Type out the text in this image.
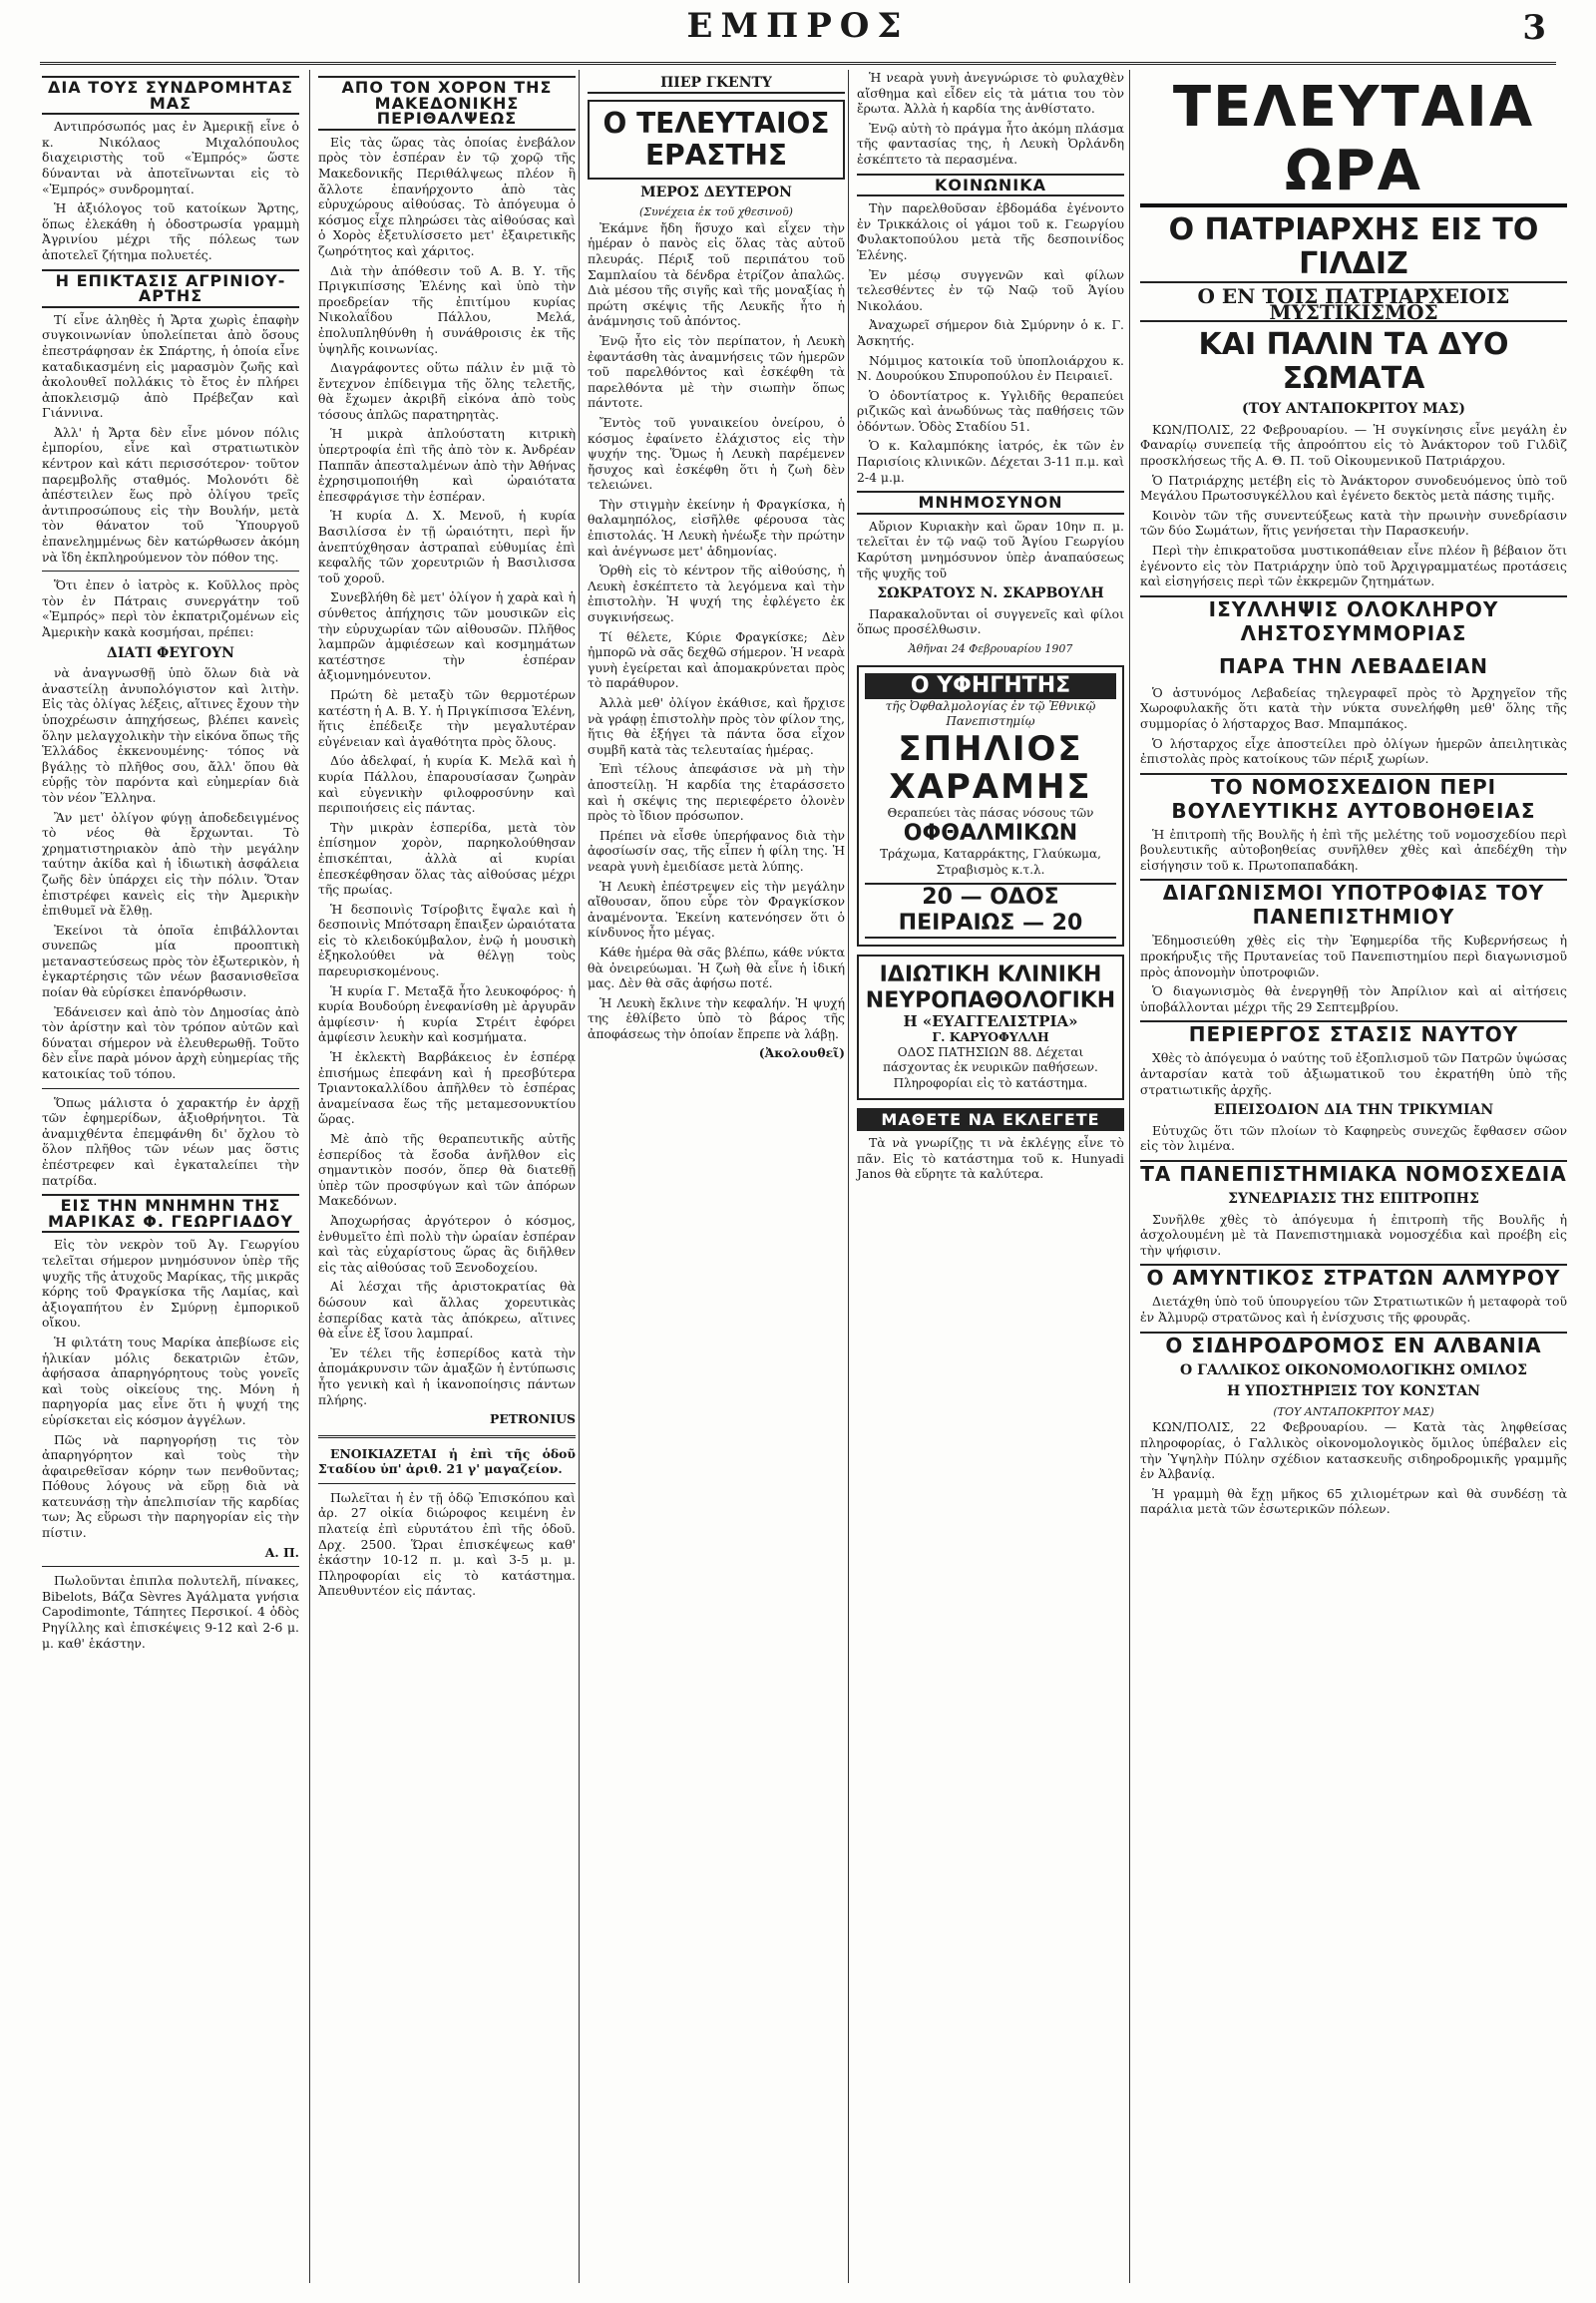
ΕΜΠΡΟΣ	3
ΔΙΑ ΤΟΥΣ ΣΥΝΔΡΟΜΗΤΑΣ ΜΑΣ

Αντιπρόσωπός μας ἐν Ἀμερικῇ εἶνε ὁ κ. Νικόλαος Μιχαλόπουλος διαχειριστὴς τοῦ «Ἐμπρός» ὥστε δύνανται νὰ ἀποτεῖνωνται εἰς τὸ «Ἐμπρός» συνδρομηταί.

Ἡ ἀξιόλογος τοῦ κατοίκων Ἄρτης, ὅπως ἐλεκάθη ἡ ὁδοστρωσία γραμμὴ Ἀγρινίου μέχρι τῆς πόλεως των ἀποτελεῖ ζήτημα πολυετές.

Η ΕΠΙΚΤΑΣΙΣ ΑΓΡΙΝΙΟΥ-ΑΡΤΗΣ

Τί εἶνε ἀληθὲς ἡ Ἄρτα χωρὶς ἐπαφὴν συγκοινωνίαν ὑπολείπεται ἀπὸ ὅσους ἐπεστράφησαν ἐκ Σπάρτης, ἡ ὁποία εἶνε καταδικασμένη εἰς μαρασμὸν ζωῆς καὶ ἀκολουθεῖ πολλάκις τὸ ἔτος ἐν πλήρει ἀποκλεισμῷ ἀπὸ Πρέβεζαν καὶ Γιάννινα.

Ἀλλ' ἡ Ἄρτα δὲν εἶνε μόνον πόλις ἐμπορίου, εἶνε καὶ στρατιωτικὸν κέντρον καὶ κάτι περισσότερον· τοῦτον παρεμβολῆς σταθμός. Μολονότι δὲ ἀπέστειλεν ἕως πρὸ ὀλίγου τρεῖς ἀντιπροσώπους εἰς τὴν Βουλήν, μετὰ τὸν θάνατον τοῦ Ὑπουργοῦ ἐπανελημμένως δὲν κατώρθωσεν ἀκόμη νὰ ἴδη ἐκπληρούμενον τὸν πόθον της.

Ὅτι ἐπεν ὁ ἰατρὸς κ. Κοῦλλος πρὸς τὸν ἐν Πάτραις συνεργάτην τοῦ «Ἐμπρός» περὶ τὸν ἐκπατριζομένων εἰς Ἀμερικὴν κακὰ κοσμήσαι, πρέπει:

ΔΙΑΤΙ ΦΕΥΓΟΥΝ

νὰ ἀναγνωσθῇ ὑπὸ ὅλων διὰ νὰ ἀναστείλῃ ἀνυπολόγιστον καὶ λιτὴν. Εἰς τὰς ὀλίγας λέξεις, αἵτινες ἔχουν τὴν ὑποχρέωσιν ἀπηχήσεως, βλέπει κανεὶς ὅλην μελαγχολικὴν τὴν εἰκόνα ὅπως τῆς Ἑλλάδος ἐκκενουμένης· τόπος νὰ βγάλῃς τὸ πλῆθος σου, ἄλλ' ὅπου θὰ εὑρῇς τὸν παρόντα καὶ εὐημερίαν διὰ τὸν νέον Ἕλληνα.

Ἂν μετ' ὀλίγον φύγῃ ἀποδεδειγμένος τὸ νέος θὰ ἔρχωνται. Τὸ χρηματιστηριακὸν ἀπὸ τὴν μεγάλην ταύτην ἀκίδα καὶ ἡ ἰδιωτικὴ ἀσφάλεια ζωῆς δὲν ὑπάρχει εἰς τὴν πόλιν. Ὅταν ἐπιστρέφει κανεὶς εἰς τὴν Ἀμερικὴν ἐπιθυμεῖ νὰ ἔλθῃ.

Ἐκείνοι τὰ ὁποῖα ἐπιβάλλονται συνεπῶς μία προοπτικὴ μεταναστεύσεως πρὸς τὸν ἐξωτερικὸν, ἡ ἐγκαρτέρησις τῶν νέων βασανισθεῖσα ποίαν θὰ εὑρίσκει ἐπανόρθωσιν.

Ἐδάνεισεν καὶ ἀπὸ τὸν Δημοσίας ἀπὸ τὸν ἀρίστην καὶ τὸν τρόπον αὐτῶν καὶ δύναται σήμερον νὰ ἐλευθερωθῇ. Τοῦτο δὲν εἶνε παρὰ μόνον ἀρχὴ εὐημερίας τῆς κατοικίας τοῦ τόπου.

Ὅπως μάλιστα ὁ χαρακτήρ ἐν ἀρχῇ τῶν ἐφημερίδων, ἀξιοθρήνητοι. Τὰ ἀναμιχθέντα ἐπεμφάνθη δι' ὄχλου τὸ ὅλον πλῆθος τῶν νέων μας ὅστις ἐπέστρεφεν καὶ ἐγκαταλείπει τὴν πατρίδα.

ΕΙΣ ΤΗΝ ΜΝΗΜΗΝ ΤΗΣ ΜΑΡΙΚΑΣ Φ. ΓΕΩΡΓΙΑΔΟΥ

Εἰς τὸν νεκρὸν τοῦ Ἀγ. Γεωργίου τελεῖται σήμερον μνημόσυνον ὑπὲρ τῆς ψυχῆς τῆς ἀτυχοῦς Μαρίκας, τῆς μικρᾶς κόρης τοῦ Φραγκίσκα τῆς Λαμίας, καὶ ἀξιογαπήτου ἐν Σμύρνῃ ἐμπορικοῦ οἴκου.

Ἡ φιλτάτη τους Μαρίκα ἀπεβίωσε εἰς ἡλικίαν μόλις δεκατριῶν ἐτῶν, ἀφήσασα ἀπαρηγόρητους τοὺς γονεῖς καὶ τοὺς οἰκείους της. Μόνη ἡ παρηγορία μας εἶνε ὅτι ἡ ψυχή της εὑρίσκεται εἰς κόσμον ἀγγέλων.

Πῶς νὰ παρηγορήσῃ τις τὸν ἀπαρηγόρητον καὶ τοὺς τὴν ἀφαιρεθεῖσαν κόρην των πενθοῦντας; Πόθους λόγους νὰ εὕρῃ διὰ νὰ κατευνάσῃ τὴν ἀπελπισίαν τῆς καρδίας των; Ἀς εὕρωσι τὴν παρηγορίαν εἰς τὴν πίστιν.

Α. Π.

Πωλοῦνται ἐπιπλα πολυτελῆ, πίνακες, Bibelots, Βάζα Sèvres Ἀγάλματα γνήσια Capodimonte, Τάπητες Περσικοί. 4 ὁδὸς Ρηγίλλης καὶ ἐπισκέψεις 9-12 καὶ 2-6 μ. μ. καθ' ἑκάστην.

ΑΠΟ ΤΟΝ ΧΟΡΟΝ ΤΗΣ ΜΑΚΕΔΟΝΙΚΗΣ ΠΕΡΙΘΑΛΨΕΩΣ

Εἰς τὰς ὥρας τὰς ὁποίας ἐνεβάλον πρὸς τὸν ἑσπέραν ἐν τῷ χορῷ τῆς Μακεδονικῆς Περιθάλψεως πλέον ἢ ἄλλοτε ἐπανήρχοντο ἀπὸ τὰς εὐρυχώρους αἰθούσας. Τὸ ἀπόγευμα ὁ κόσμος εἶχε πληρώσει τὰς αἰθούσας καὶ ὁ Χορὸς ἐξετυλίσσετο μετ' ἐξαιρετικῆς ζωηρότητος καὶ χάριτος.

Διὰ τὴν ἀπόθεσιν τοῦ Α. Β. Υ. τῆς Πριγκιπίσσης Ἑλένης καὶ ὑπὸ τὴν προεδρείαν τῆς ἐπιτίμου κυρίας Νικολαΐδου Πάλλου, Μελά, ἐπολυπληθύνθη ἡ συνάθροισις ἐκ τῆς ὑψηλῆς κοινωνίας.

Διαγράφοντες οὕτω πάλιν ἐν μιᾷ τὸ ἔντεχνον ἐπίδειγμα τῆς ὅλης τελετῆς, θὰ ἔχωμεν ἀκριβῆ εἰκόνα ἀπὸ τοὺς τόσους ἁπλῶς παρατηρητὰς.

Ἡ μικρὰ ἀπλούστατη κιτρικὴ ὑπερτροφία ἐπὶ τῆς ἀπὸ τὸν κ. Ἀνδρέαν Παππᾶν ἀπεσταλμένων ἀπὸ τὴν Ἀθήνας ἐχρησιμοποιήθη καὶ ὡραιότατα ἐπεσφράγισε τὴν ἑσπέραν.

Ἡ κυρία Δ. Χ. Μενοῦ, ἡ κυρία Βασιλίσσα ἐν τῇ ὡραιότητι, περὶ ἥν ἀνεπτύχθησαν ἀστραπαὶ εὐθυμίας ἐπὶ κεφαλῆς τῶν χορευτριῶν ἡ Βασιλισσα τοῦ χοροῦ.

Συνεβλήθη δὲ μετ' ὀλίγον ἡ χαρὰ καὶ ἡ σύνθετος ἀπήχησις τῶν μουσικῶν εἰς τὴν εὐρυχωρίαν τῶν αἰθουσῶν. Πλῆθος λαμπρῶν ἀμφιέσεων καὶ κοσμημάτων κατέστησε τὴν ἑσπέραν ἀξιομνημόνευτον.

Πρώτη δὲ μεταξὺ τῶν θερμοτέρων κατέστη ἡ Α. Β. Υ. ἡ Πριγκίπισσα Ἑλένη, ἥτις ἐπέδειξε τὴν μεγαλυτέραν εὐγένειαν καὶ ἀγαθότητα πρὸς ὅλους.

Δύο ἀδελφαί, ἡ κυρία Κ. Μελᾶ καὶ ἡ κυρία Πάλλου, ἐπαρουσίασαν ζωηρὰν καὶ εὐγενικὴν φιλοφροσύνην καὶ περιποιήσεις εἰς πάντας.

Τὴν μικρὰν ἑσπερίδα, μετὰ τὸν ἐπίσημον χορὸν, παρηκολούθησαν ἐπισκέπται, ἀλλὰ αἱ κυρίαι ἐπεσκέφθησαν ὅλας τὰς αἰθούσας μέχρι τῆς πρωίας.

Ἡ δεσποινὶς Τσίροβιτς ἔψαλε καὶ ἡ δεσποινὶς Μπότσαρη ἔπαιξεν ὡραιότατα εἰς τὸ κλειδοκύμβαλον, ἐνῷ ἡ μουσικὴ ἐξηκολούθει νὰ θέλγῃ τοὺς παρευρισκομένους.

Ἡ κυρία Γ. Μεταξᾶ ἦτο λευκοφόρος· ἡ κυρία Βουδούρη ἐνεφανίσθη μὲ ἀργυρᾶν ἀμφίεσιν· ἡ κυρία Στρέιτ ἐφόρει ἀμφίεσιν λευκὴν καὶ κοσμήματα.

Ἡ ἐκλεκτὴ Βαρβάκειος ἐν ἑσπέρᾳ ἐπισήμως ἐπεφάνη καὶ ἡ πρεσβύτερα Τριαντοκαλλίδου ἀπῆλθεν τὸ ἑσπέρας ἀναμείνασα ἕως τῆς μεταμεσονυκτίου ὥρας.

Μὲ ἀπὸ τῆς θεραπευτικῆς αὐτῆς ἑσπερίδος τὰ ἔσοδα ἀνῆλθον εἰς σημαντικὸν ποσόν, ὅπερ θὰ διατεθῇ ὑπὲρ τῶν προσφύγων καὶ τῶν ἀπόρων Μακεδόνων.

Ἀποχωρήσας ἀργότερον ὁ κόσμος, ἐνθυμεῖτο ἐπὶ πολὺ τὴν ὡραίαν ἑσπέραν καὶ τὰς εὐχαρίστους ὥρας ἃς διῆλθεν εἰς τὰς αἰθούσας τοῦ Ξενοδοχείου.

Αἱ λέσχαι τῆς ἀριστοκρατίας θὰ δώσουν καὶ ἄλλας χορευτικὰς ἑσπερίδας κατὰ τὰς ἀπόκρεω, αἵτινες θὰ εἶνε ἐξ ἴσου λαμπραί.

Ἐν τέλει τῆς ἑσπερίδος κατὰ τὴν ἀπομάκρυνσιν τῶν ἀμαξῶν ἡ ἐντύπωσις ἦτο γενικὴ καὶ ἡ ἱκανοποίησις πάντων πλήρης.

PETRONIUS

ΕΝΟΙΚΙΑΖΕΤΑΙ ἡ ἐπὶ τῆς ὁδοῦ Σταδίου ὑπ' ἀριθ. 21 γ' μαγαζείον.

Πωλεῖται ἡ ἐν τῇ ὁδῷ Ἐπισκόπου καὶ ἀρ. 27 οἰκία διώροφος κειμένη ἐν πλατείᾳ ἐπὶ εὐρυτάτου ἐπὶ τῆς ὁδοῦ. Δρχ. 2500. Ὥραι ἐπισκέψεως καθ' ἑκάστην 10-12 π. μ. καὶ 3-5 μ. μ. Πληροφορίαι εἰς τὸ κατάστημα. Ἀπευθυντέον εἰς πάντας.

ΠΙΕΡ ΓΚΕΝΤΥ
Ο ΤΕΛΕΥΤΑΙΟΣ ΕΡΑΣΤΗΣ
ΜΕΡΟΣ ΔΕΥΤΕΡΟΝ
(Συνέχεια ἐκ τοῦ χθεσινοῦ)

Ἐκάμνε ἤδη ἥσυχο καὶ εἶχεν τὴν ἡμέραν ὀ πανὸς εἰς ὅλας τὰς αὐτοῦ πλευράς. Πέριξ τοῦ περιπάτου τοῦ Σαμπλαίου τὰ δένδρα ἐτρίζον ἀπαλῶς. Διὰ μέσου τῆς σιγῆς καὶ τῆς μοναξίας ἡ πρώτη σκέψις τῆς Λευκῆς ἦτο ἡ ἀνάμνησις τοῦ ἀπόντος.

Ἐνῷ ἦτο εἰς τὸν περίπατον, ἡ Λευκὴ ἐφαντάσθη τὰς ἀναμνήσεις τῶν ἡμερῶν τοῦ παρελθόντος καὶ ἐσκέφθη τὰ παρελθόντα μὲ τὴν σιωπὴν ὅπως πάντοτε.

Ἔντὸς τοῦ γυναικείου ὀνείρου, ὁ κόσμος ἐφαίνετο ἐλάχιστος εἰς τὴν ψυχήν της. Ὅμως ἡ Λευκὴ παρέμενεν ἤσυχος καὶ ἐσκέφθη ὅτι ἡ ζωὴ δὲν τελειώνει.

Τὴν στιγμὴν ἐκείνην ἡ Φραγκίσκα, ἡ θαλαμηπόλος, εἰσῆλθε φέρουσα τὰς ἐπιστολάς. Ἡ Λευκὴ ἠνέωξε τὴν πρώτην καὶ ἀνέγνωσε μετ' ἀδημονίας.

Ὁρθὴ εἰς τὸ κέντρον τῆς αἰθούσης, ἡ Λευκὴ ἐσκέπτετο τὰ λεγόμενα καὶ τὴν ἐπιστολὴν. Ἡ ψυχή της ἐφλέγετο ἐκ συγκινήσεως.

Τί θέλετε, Κύριε Φραγκίσκε; Δὲν ἠμπορῶ νὰ σᾶς δεχθῶ σήμερον. Ἡ νεαρὰ γυνὴ ἐγείρεται καὶ ἀπομακρύνεται πρὸς τὸ παράθυρον.

Ἀλλὰ μεθ' ὀλίγον ἐκάθισε, καὶ ἤρχισε νὰ γράφῃ ἐπιστολὴν πρὸς τὸν φίλον της, ἥτις θὰ ἐξήγει τὰ πάντα ὅσα εἶχον συμβῆ κατὰ τὰς τελευταίας ἡμέρας.

Ἐπὶ τέλους ἀπεφάσισε νὰ μὴ τὴν ἀποστείλῃ. Ἡ καρδία της ἐταράσσετο καὶ ἡ σκέψις της περιεφέρετο ὁλονὲν πρὸς τὸ ἴδιον πρόσωπον.

Πρέπει νὰ εἶσθε ὑπερήφανος διὰ τὴν ἀφοσίωσίν σας, τῆς εἶπεν ἡ φίλη της. Ἡ νεαρὰ γυνὴ ἐμειδίασε μετὰ λύπης.

Ἡ Λευκὴ ἐπέστρεψεν εἰς τὴν μεγάλην αἴθουσαν, ὅπου εὗρε τὸν Φραγκίσκον ἀναμένοντα. Ἐκείνη κατενόησεν ὅτι ὁ κίνδυνος ἦτο μέγας.

Κάθε ἡμέρα θὰ σᾶς βλέπω, κάθε νύκτα θὰ ὀνειρεύωμαι. Ἡ ζωὴ θὰ εἶνε ἡ ἰδική μας. Δὲν θὰ σᾶς ἀφήσω ποτέ.

Ἡ Λευκὴ ἔκλινε τὴν κεφαλήν. Ἡ ψυχή της ἐθλίβετο ὑπὸ τὸ βάρος τῆς ἀποφάσεως τὴν ὁποίαν ἔπρεπε νὰ λάβῃ.

(Ἀκολουθεῖ)

Ἡ νεαρὰ γυνὴ ἀνεγνώρισε τὸ φυλαχθὲν αἴσθημα καὶ εἶδεν εἰς τὰ μάτια του τὸν ἔρωτα. Ἀλλὰ ἡ καρδία της ἀνθίστατο.

Ἐνῷ αὐτὴ τὸ πράγμα ἦτο ἀκόμη πλάσμα τῆς φαντασίας της, ἡ Λευκὴ Ὀρλάνδη ἐσκέπτετο τὰ περασμένα.

ΚΟΙΝΩΝΙΚΑ

Τὴν παρελθοῦσαν ἑβδομάδα ἐγένοντο ἐν Τρικκάλοις οἱ γάμοι τοῦ κ. Γεωργίου Φυλακτοπούλου μετὰ τῆς δεσποινίδος Ἑλένης.

Ἐν μέσῳ συγγενῶν καὶ φίλων τελεσθέντες ἐν τῷ Ναῷ τοῦ Ἁγίου Νικολάου.

Ἀναχωρεῖ σήμερον διὰ Σμύρνην ὁ κ. Γ. Ἀσκητής.

Νόμιμος κατοικία τοῦ ὑποπλοιάρχου κ. Ν. Δουρούκου Σπυροπούλου ἐν Πειραιεῖ.

Ὁ ὀδοντίατρος κ. Υγλιδῆς θεραπεύει ριζικῶς καὶ ἀνωδύνως τὰς παθήσεις τῶν ὀδόντων. Ὁδὸς Σταδίου 51.

Ὁ κ. Καλαμπόκης ἰατρός, ἐκ τῶν ἐν Παρισίοις κλινικῶν. Δέχεται 3-11 π.μ. καὶ 2-4 μ.μ.

ΜΝΗΜΟΣΥΝΟΝ

Αὔριον Κυριακὴν καὶ ὥραν 10ην π. μ. τελεῖται ἐν τῷ ναῷ τοῦ Ἁγίου Γεωργίου Καρύτση μνημόσυνον ὑπὲρ ἀναπαύσεως τῆς ψυχῆς τοῦ

ΣΩΚΡΑΤΟΥΣ Ν. ΣΚΑΡΒΟΥΛΗ

Παρακαλοῦνται οἱ συγγενεῖς καὶ φίλοι ὅπως προσέλθωσιν.

Ἀθῆναι 24 Φεβρουαρίου 1907
Ο ΥΦΗΓΗΤΗΣ
τῆς Ὀφθαλμολογίας ἐν τῷ Ἐθνικῷ Πανεπιστημίῳ
ΣΠΗΛΙΟΣ
ΧΑΡΑΜΗΣ
Θεραπεύει τὰς πάσας νόσους τῶν
ΟΦΘΑΛΜΙΚΩΝ
Τράχωμα, Καταρράκτης, Γλαύκωμα, Στραβισμὸς κ.τ.λ.
20 — ΟΔΟΣ ΠΕΙΡΑΙΩΣ — 20
ΙΔΙΩΤΙΚΗ ΚΛΙΝΙΚΗ ΝΕΥΡΟΠΑΘΟΛΟΓΙΚΗ
Η «ΕΥΑΓΓΕΛΙΣΤΡΙΑ»
Γ. ΚΑΡΥΟΦΥΛΛΗ
ΟΔΟΣ ΠΑΤΗΣΙΩΝ 88. Δέχεται πάσχοντας ἐκ νευρικῶν παθήσεων. Πληροφορίαι εἰς τὸ κατάστημα.
ΜΑΘΕΤΕ ΝΑ ΕΚΛΕΓΕΤΕ

Τὰ νὰ γνωρίζῃς τι νὰ ἐκλέγῃς εἶνε τὸ πᾶν. Εἰς τὸ κατάστημα τοῦ κ. Hunyadi Janos θὰ εὕρητε τὰ καλύτερα.

ΤΕΛΕΥΤΑΙΑ ΩΡΑ
Ο ΠΑΤΡΙΑΡΧΗΣ ΕΙΣ ΤΟ ΓΙΛΔΙΖ
Ο ΕΝ ΤΟΙΣ ΠΑΤΡΙΑΡΧΕΙΟΙΣ ΜΥΣΤΙΚΙΣΜΟΣ
ΚΑΙ ΠΑΛΙΝ ΤΑ ΔΥΟ ΣΩΜΑΤΑ
(ΤΟΥ ΑΝΤΑΠΟΚΡΙΤΟΥ ΜΑΣ)

ΚΩΝ/ΠΟΛΙΣ, 22 Φεβρουαρίου. — Ἡ συγκίνησις εἶνε μεγάλη ἐν Φαναρίῳ συνεπείᾳ τῆς ἀπροόπτου εἰς τὸ Ἀνάκτορον τοῦ Γιλδὶζ προσκλήσεως τῆς Α. Θ. Π. τοῦ Οἰκουμενικοῦ Πατριάρχου.

Ὁ Πατριάρχης μετέβη εἰς τὸ Ἀνάκτορον συνοδευόμενος ὑπὸ τοῦ Μεγάλου Πρωτοσυγκέλλου καὶ ἐγένετο δεκτὸς μετὰ πάσης τιμῆς.

Κοινὸν τῶν τῆς συνεντεύξεως κατὰ τὴν πρωινὴν συνεδρίασιν τῶν δύο Σωμάτων, ἥτις γενήσεται τὴν Παρασκευήν.

Περὶ τὴν ἐπικρατοῦσα μυστικοπάθειαν εἶνε πλέον ἢ βέβαιον ὅτι ἐγένοντο εἰς τὸν Πατριάρχην ὑπὸ τοῦ Ἀρχιγραμματέως προτάσεις καὶ εἰσηγήσεις περὶ τῶν ἐκκρεμῶν ζητημάτων.

ΙΣΥΛΛΗΨΙΣ ΟΛΟΚΛΗΡΟΥ ΛΗΣΤΟΣΥΜΜΟΡΙΑΣ
ΠΑΡΑ ΤΗΝ ΛΕΒΑΔΕΙΑΝ

Ὁ ἀστυνόμος Λεβαδείας τηλεγραφεῖ πρὸς τὸ Ἀρχηγεῖον τῆς Χωροφυλακῆς ὅτι κατὰ τὴν νύκτα συνελήφθη μεθ' ὅλης τῆς συμμορίας ὁ λήσταρχος Βασ. Μπαμπάκος.

Ὁ λήσταρχος εἶχε ἀποστείλει πρὸ ὀλίγων ἡμερῶν ἀπειλητικὰς ἐπιστολὰς πρὸς κατοίκους τῶν πέριξ χωρίων.

ΤΟ ΝΟΜΟΣΧΕΔΙΟΝ ΠΕΡΙ ΒΟΥΛΕΥΤΙΚΗΣ ΑΥΤΟΒΟΗΘΕΙΑΣ

Ἡ ἐπιτροπὴ τῆς Βουλῆς ἡ ἐπὶ τῆς μελέτης τοῦ νομοσχεδίου περὶ βουλευτικῆς αὐτοβοηθείας συνῆλθεν χθὲς καὶ ἀπεδέχθη τὴν εἰσήγησιν τοῦ κ. Πρωτοπαπαδάκη.

ΔΙΑΓΩΝΙΣΜΟΙ ΥΠΟΤΡΟΦΙΑΣ ΤΟΥ ΠΑΝΕΠΙΣΤΗΜΙΟΥ

Ἐδημοσιεύθη χθὲς εἰς τὴν Ἐφημερίδα τῆς Κυβερνήσεως ἡ προκήρυξις τῆς Πρυτανείας τοῦ Πανεπιστημίου περὶ διαγωνισμοῦ πρὸς ἀπονομὴν ὑποτροφιῶν.

Ὁ διαγωνισμὸς θὰ ἐνεργηθῇ τὸν Ἀπρίλιον καὶ αἱ αἰτήσεις ὑποβάλλονται μέχρι τῆς 29 Σεπτεμβρίου.

ΠΕΡΙΕΡΓΟΣ ΣΤΑΣΙΣ ΝΑΥΤΟΥ

Χθὲς τὸ ἀπόγευμα ὁ ναύτης τοῦ ἐξοπλισμοῦ τῶν Πατρῶν ὑψώσας ἀνταρσίαν κατὰ τοῦ ἀξιωματικοῦ του ἐκρατήθη ὑπὸ τῆς στρατιωτικῆς ἀρχῆς.

ΕΠΕΙΣΟΔΙΟΝ ΔΙΑ ΤΗΝ ΤΡΙΚΥΜΙΑΝ

Εὐτυχῶς ὅτι τῶν πλοίων τὸ Καφηρεὺς συνεχῶς ἔφθασεν σῶον εἰς τὸν λιμένα.

ΤΑ ΠΑΝΕΠΙΣΤΗΜΙΑΚΑ ΝΟΜΟΣΧΕΔΙΑ
ΣΥΝΕΔΡΙΑΣΙΣ ΤΗΣ ΕΠΙΤΡΟΠΗΣ

Συνῆλθε χθὲς τὸ ἀπόγευμα ἡ ἐπιτροπὴ τῆς Βουλῆς ἡ ἀσχολουμένη μὲ τὰ Πανεπιστημιακὰ νομοσχέδια καὶ προέβη εἰς τὴν ψήφισιν.

Ο ΑΜΥΝΤΙΚΟΣ ΣΤΡΑΤΩΝ ΑΛΜΥΡΟΥ

Διετάχθη ὑπὸ τοῦ ὑπουργείου τῶν Στρατιωτικῶν ἡ μεταφορὰ τοῦ ἐν Ἀλμυρῷ στρατῶνος καὶ ἡ ἐνίσχυσις τῆς φρουρᾶς.

Ο ΣΙΔΗΡΟΔΡΟΜΟΣ ΕΝ ΑΛΒΑΝΙΑ
Ο ΓΑΛΛΙΚΟΣ ΟΙΚΟΝΟΜΟΛΟΓΙΚΗΣ ΟΜΙΛΟΣ
Η ΥΠΟΣΤΗΡΙΞΙΣ ΤΟΥ ΚΟΝΣΤΑΝ
(ΤΟΥ ΑΝΤΑΠΟΚΡΙΤΟΥ ΜΑΣ)

ΚΩΝ/ΠΟΛΙΣ, 22 Φεβρουαρίου. — Κατὰ τὰς ληφθείσας πληροφορίας, ὁ Γαλλικὸς οἰκονομολογικὸς ὅμιλος ὑπέβαλεν εἰς τὴν Ὑψηλὴν Πύλην σχέδιον κατασκευῆς σιδηροδρομικῆς γραμμῆς ἐν Ἀλβανίᾳ.

Ἡ γραμμὴ θὰ ἔχῃ μῆκος 65 χιλιομέτρων καὶ θὰ συνδέσῃ τὰ παράλια μετὰ τῶν ἐσωτερικῶν πόλεων.
